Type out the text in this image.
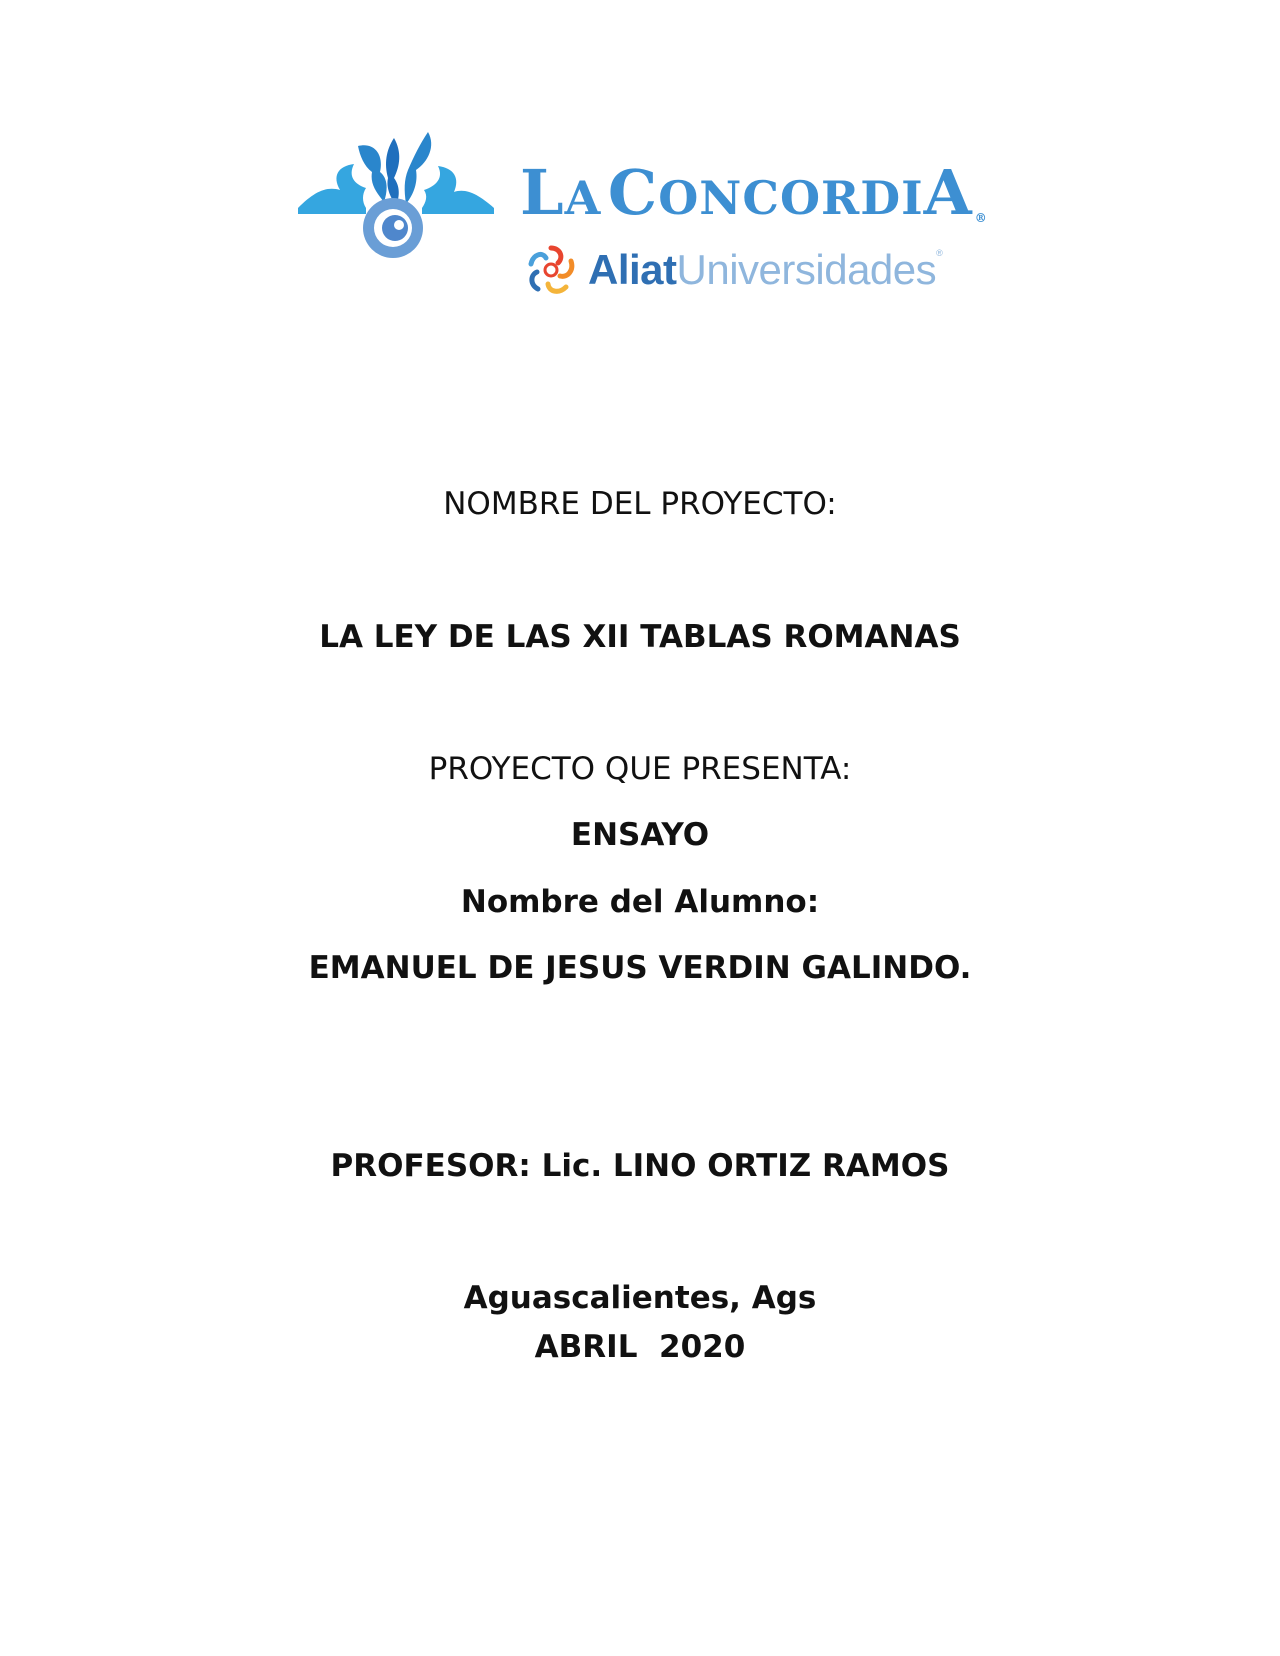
LA CONCORDIA ®
AliatUniversidades®
NOMBRE DEL PROYECTO:
LA LEY DE LAS XII TABLAS ROMANAS
PROYECTO QUE PRESENTA:
ENSAYO
Nombre del Alumno:
EMANUEL DE JESUS VERDIN GALINDO.
PROFESOR: Lic. LINO ORTIZ RAMOS
Aguascalientes, Ags
ABRIL  2020
